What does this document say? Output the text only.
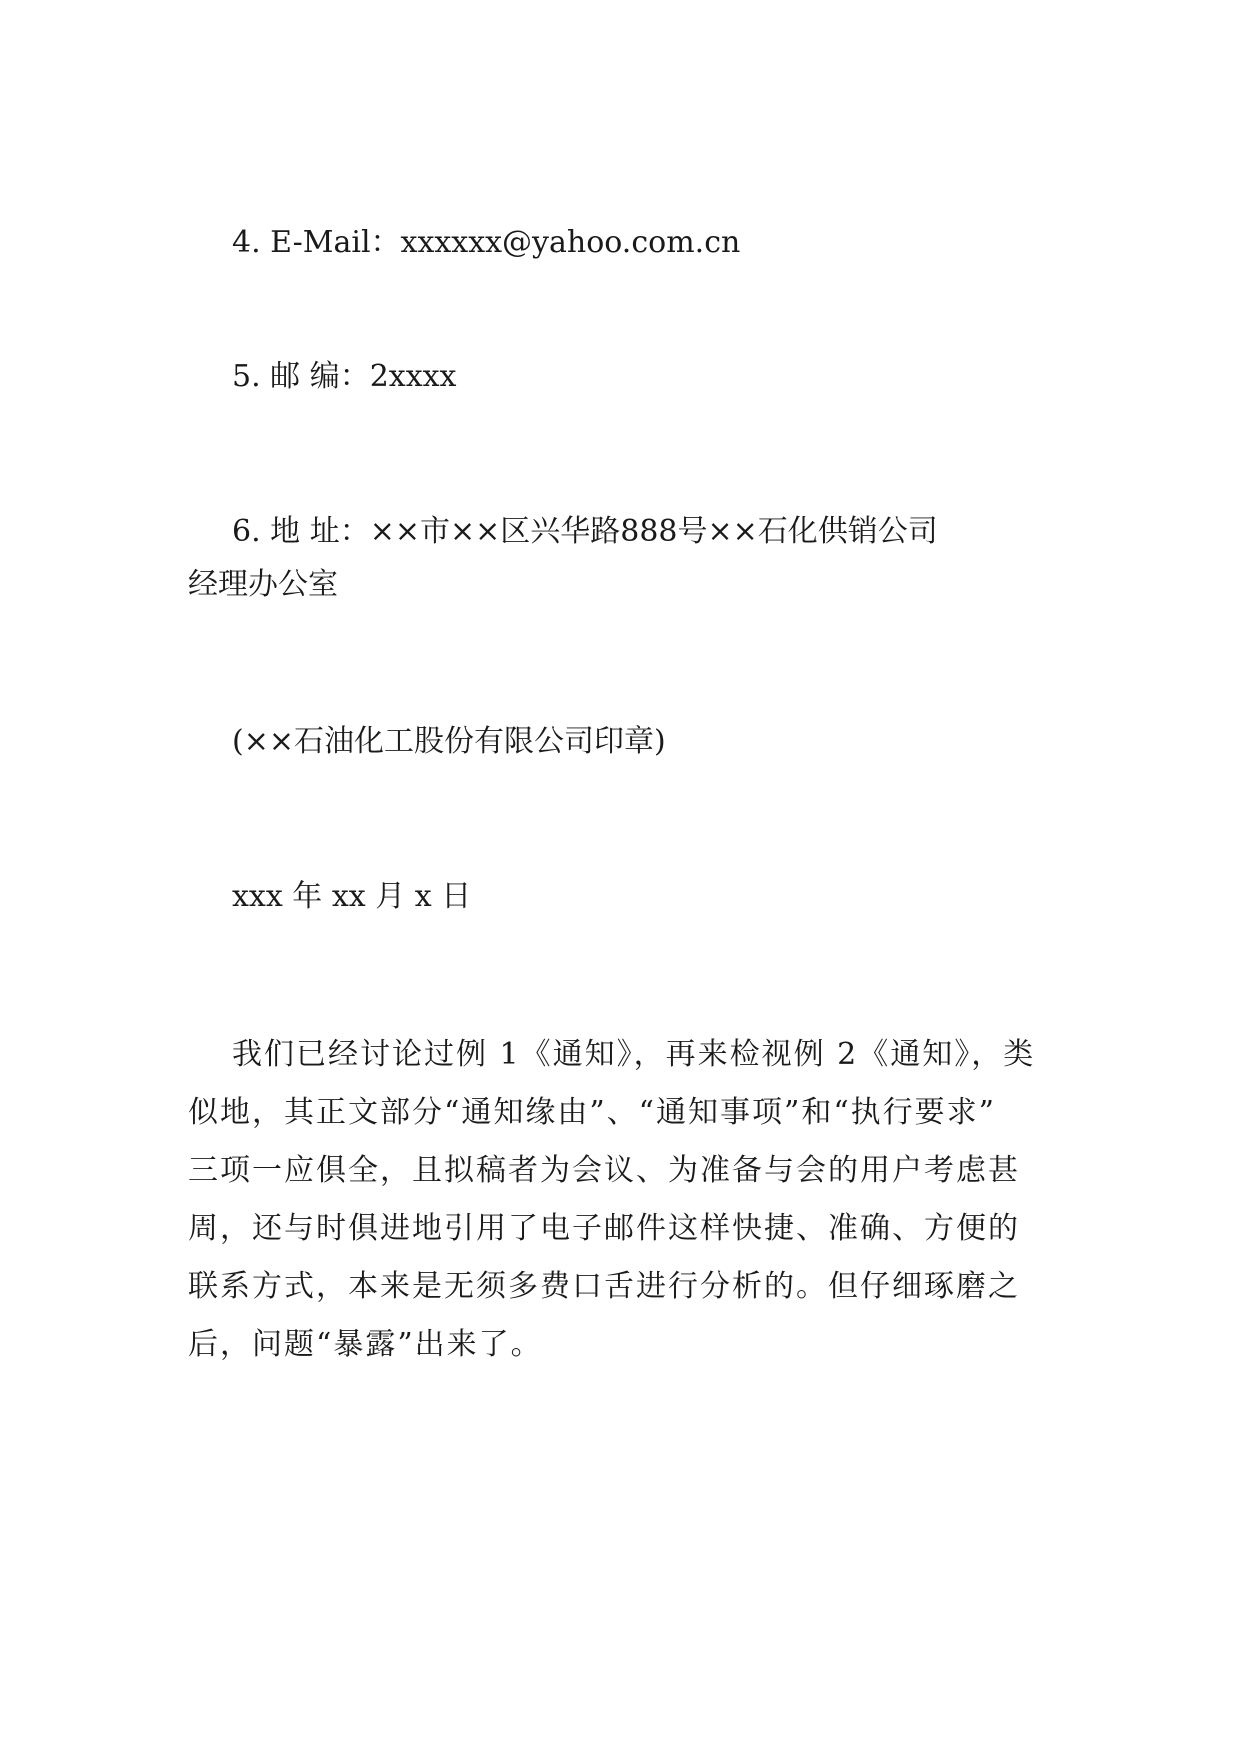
4. E-Mail：xxxxxx@yahoo.com.cn
5. 邮 编：2xxxx
6. 地 址：××市××区兴华路888号××石化供销公司
经理办公室
(××石油化工股份有限公司印章)
xxx 年 xx 月 x 日
我们已经讨论过例 1《通知》，再来检视例 2《通知》，类
似地，其正文部分“通知缘由”、“通知事项”和“执行要求”
三项一应俱全，且拟稿者为会议、为准备与会的用户考虑甚
周，还与时俱进地引用了电子邮件这样快捷、准确、方便的
联系方式，本来是无须多费口舌进行分析的。但仔细琢磨之
后，问题“暴露”出来了。
